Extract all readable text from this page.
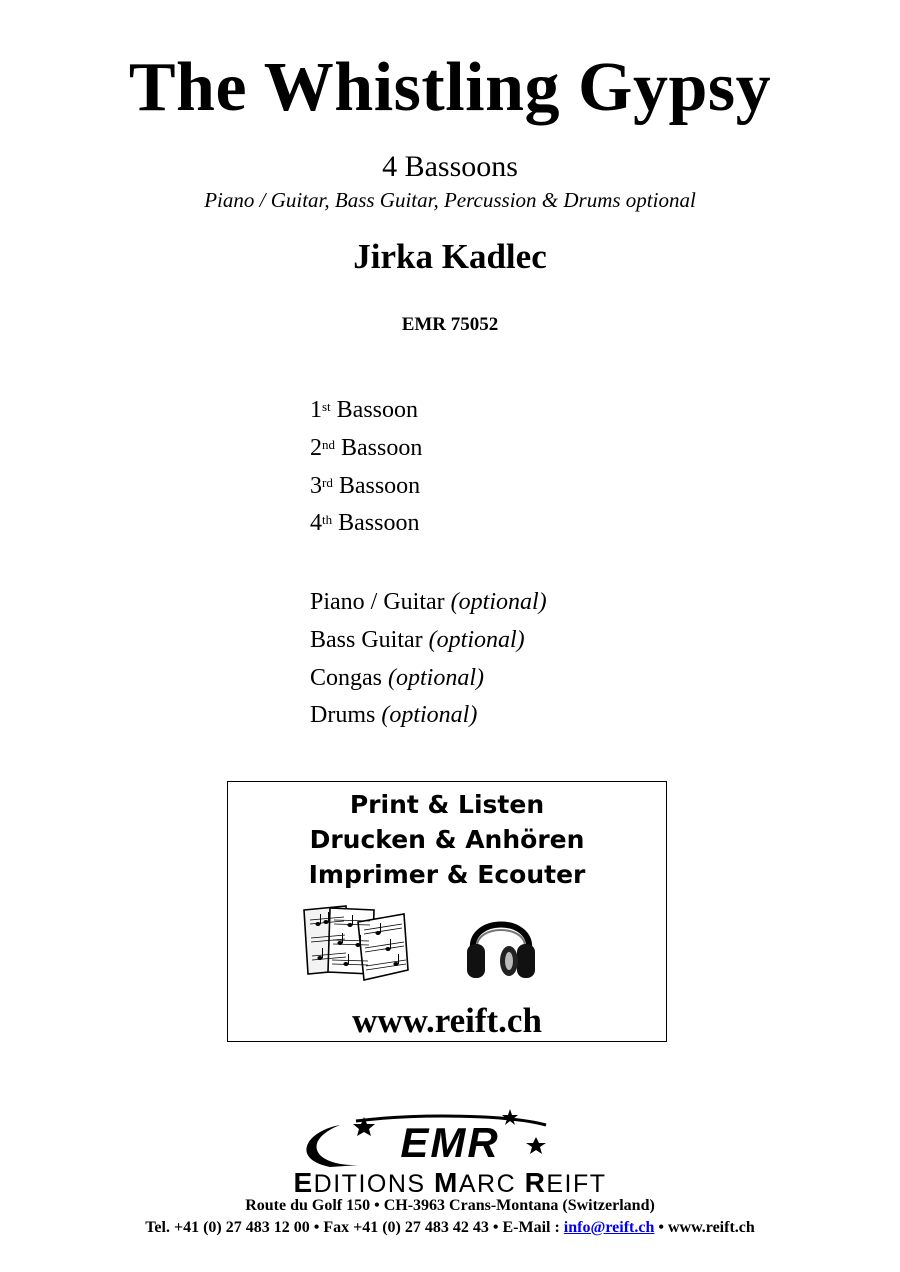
The Whistling Gypsy
4 Bassoons
Piano / Guitar, Bass Guitar, Percussion & Drums optional
Jirka Kadlec
EMR 75052
1st Bassoon
2nd Bassoon
3rd Bassoon
4th Bassoon
Piano / Guitar (optional)
Bass Guitar (optional)
Congas (optional)
Drums (optional)
Print & Listen
Drucken & Anhören
Imprimer & Ecouter
www.reift.ch
EMR
EDITIONS MARC REIFT
Route du Golf 150 • CH-3963 Crans-Montana (Switzerland)
Tel. +41 (0) 27 483 12 00 • Fax +41 (0) 27 483 42 43 • E-Mail : info@reift.ch • www.reift.ch
